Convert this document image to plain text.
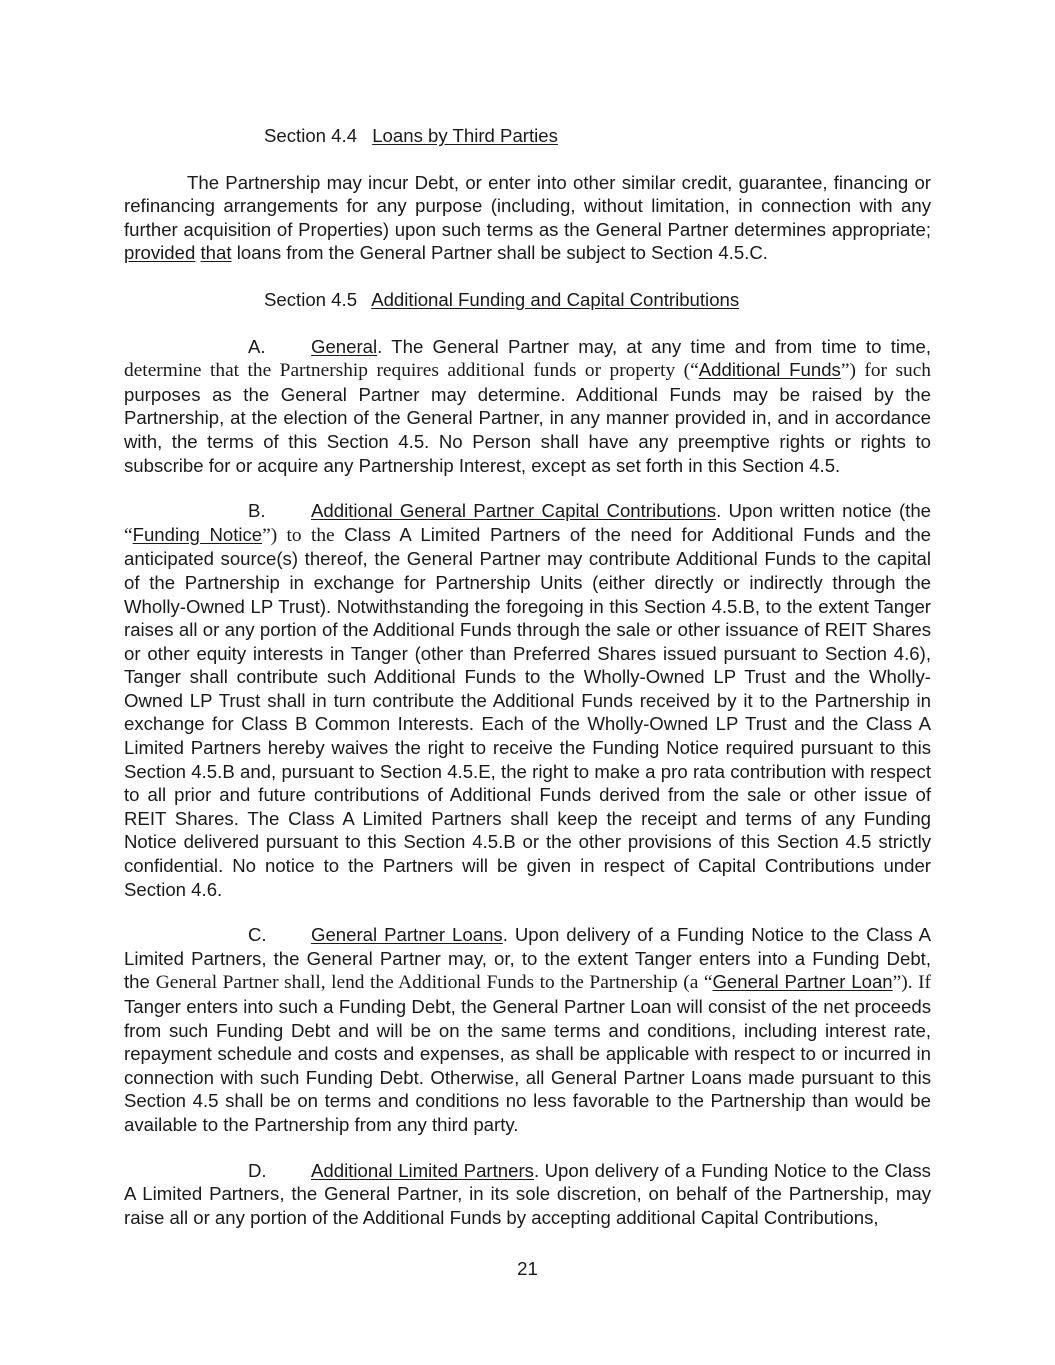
Section 4.4 Loans by Third Parties

The Partnership may incur Debt, or enter into other similar credit, guarantee, financing or refinancing arrangements for any purpose (including, without limitation, in connection with any further acquisition of Properties) upon such terms as the General Partner determines appropriate; provided that loans from the General Partner shall be subject to Section 4.5.C.

Section 4.5 Additional Funding and Capital Contributions

A. General. The General Partner may, at any time and from time to time, determine that the Partnership requires additional funds or property (“Additional Funds”) for such purposes as the General Partner may determine. Additional Funds may be raised by the Partnership, at the election of the General Partner, in any manner provided in, and in accordance with, the terms of this Section 4.5. No Person shall have any preemptive rights or rights to subscribe for or acquire any Partnership Interest, except as set forth in this Section 4.5.

B. Additional General Partner Capital Contributions. Upon written notice (the “Funding Notice”) to the Class A Limited Partners of the need for Additional Funds and the anticipated source(s) thereof, the General Partner may contribute Additional Funds to the capital of the Partnership in exchange for Partnership Units (either directly or indirectly through the Wholly-Owned LP Trust). Notwithstanding the foregoing in this Section 4.5.B, to the extent Tanger raises all or any portion of the Additional Funds through the sale or other issuance of REIT Shares or other equity interests in Tanger (other than Preferred Shares issued pursuant to Section 4.6), Tanger shall contribute such Additional Funds to the Wholly-Owned LP Trust and the Wholly-Owned LP Trust shall in turn contribute the Additional Funds received by it to the Partnership in exchange for Class B Common Interests. Each of the Wholly-Owned LP Trust and the Class A Limited Partners hereby waives the right to receive the Funding Notice required pursuant to this Section 4.5.B and, pursuant to Section 4.5.E, the right to make a pro rata contribution with respect to all prior and future contributions of Additional Funds derived from the sale or other issue of REIT Shares. The Class A Limited Partners shall keep the receipt and terms of any Funding Notice delivered pursuant to this Section 4.5.B or the other provisions of this Section 4.5 strictly confidential. No notice to the Partners will be given in respect of Capital Contributions under Section 4.6.

C. General Partner Loans. Upon delivery of a Funding Notice to the Class A Limited Partners, the General Partner may, or, to the extent Tanger enters into a Funding Debt, the General Partner shall, lend the Additional Funds to the Partnership (a “General Partner Loan”). If Tanger enters into such a Funding Debt, the General Partner Loan will consist of the net proceeds from such Funding Debt and will be on the same terms and conditions, including interest rate, repayment schedule and costs and expenses, as shall be applicable with respect to or incurred in connection with such Funding Debt. Otherwise, all General Partner Loans made pursuant to this Section 4.5 shall be on terms and conditions no less favorable to the Partnership than would be available to the Partnership from any third party.

D. Additional Limited Partners. Upon delivery of a Funding Notice to the Class A Limited Partners, the General Partner, in its sole discretion, on behalf of the Partnership, may raise all or any portion of the Additional Funds by accepting additional Capital Contributions,

21
